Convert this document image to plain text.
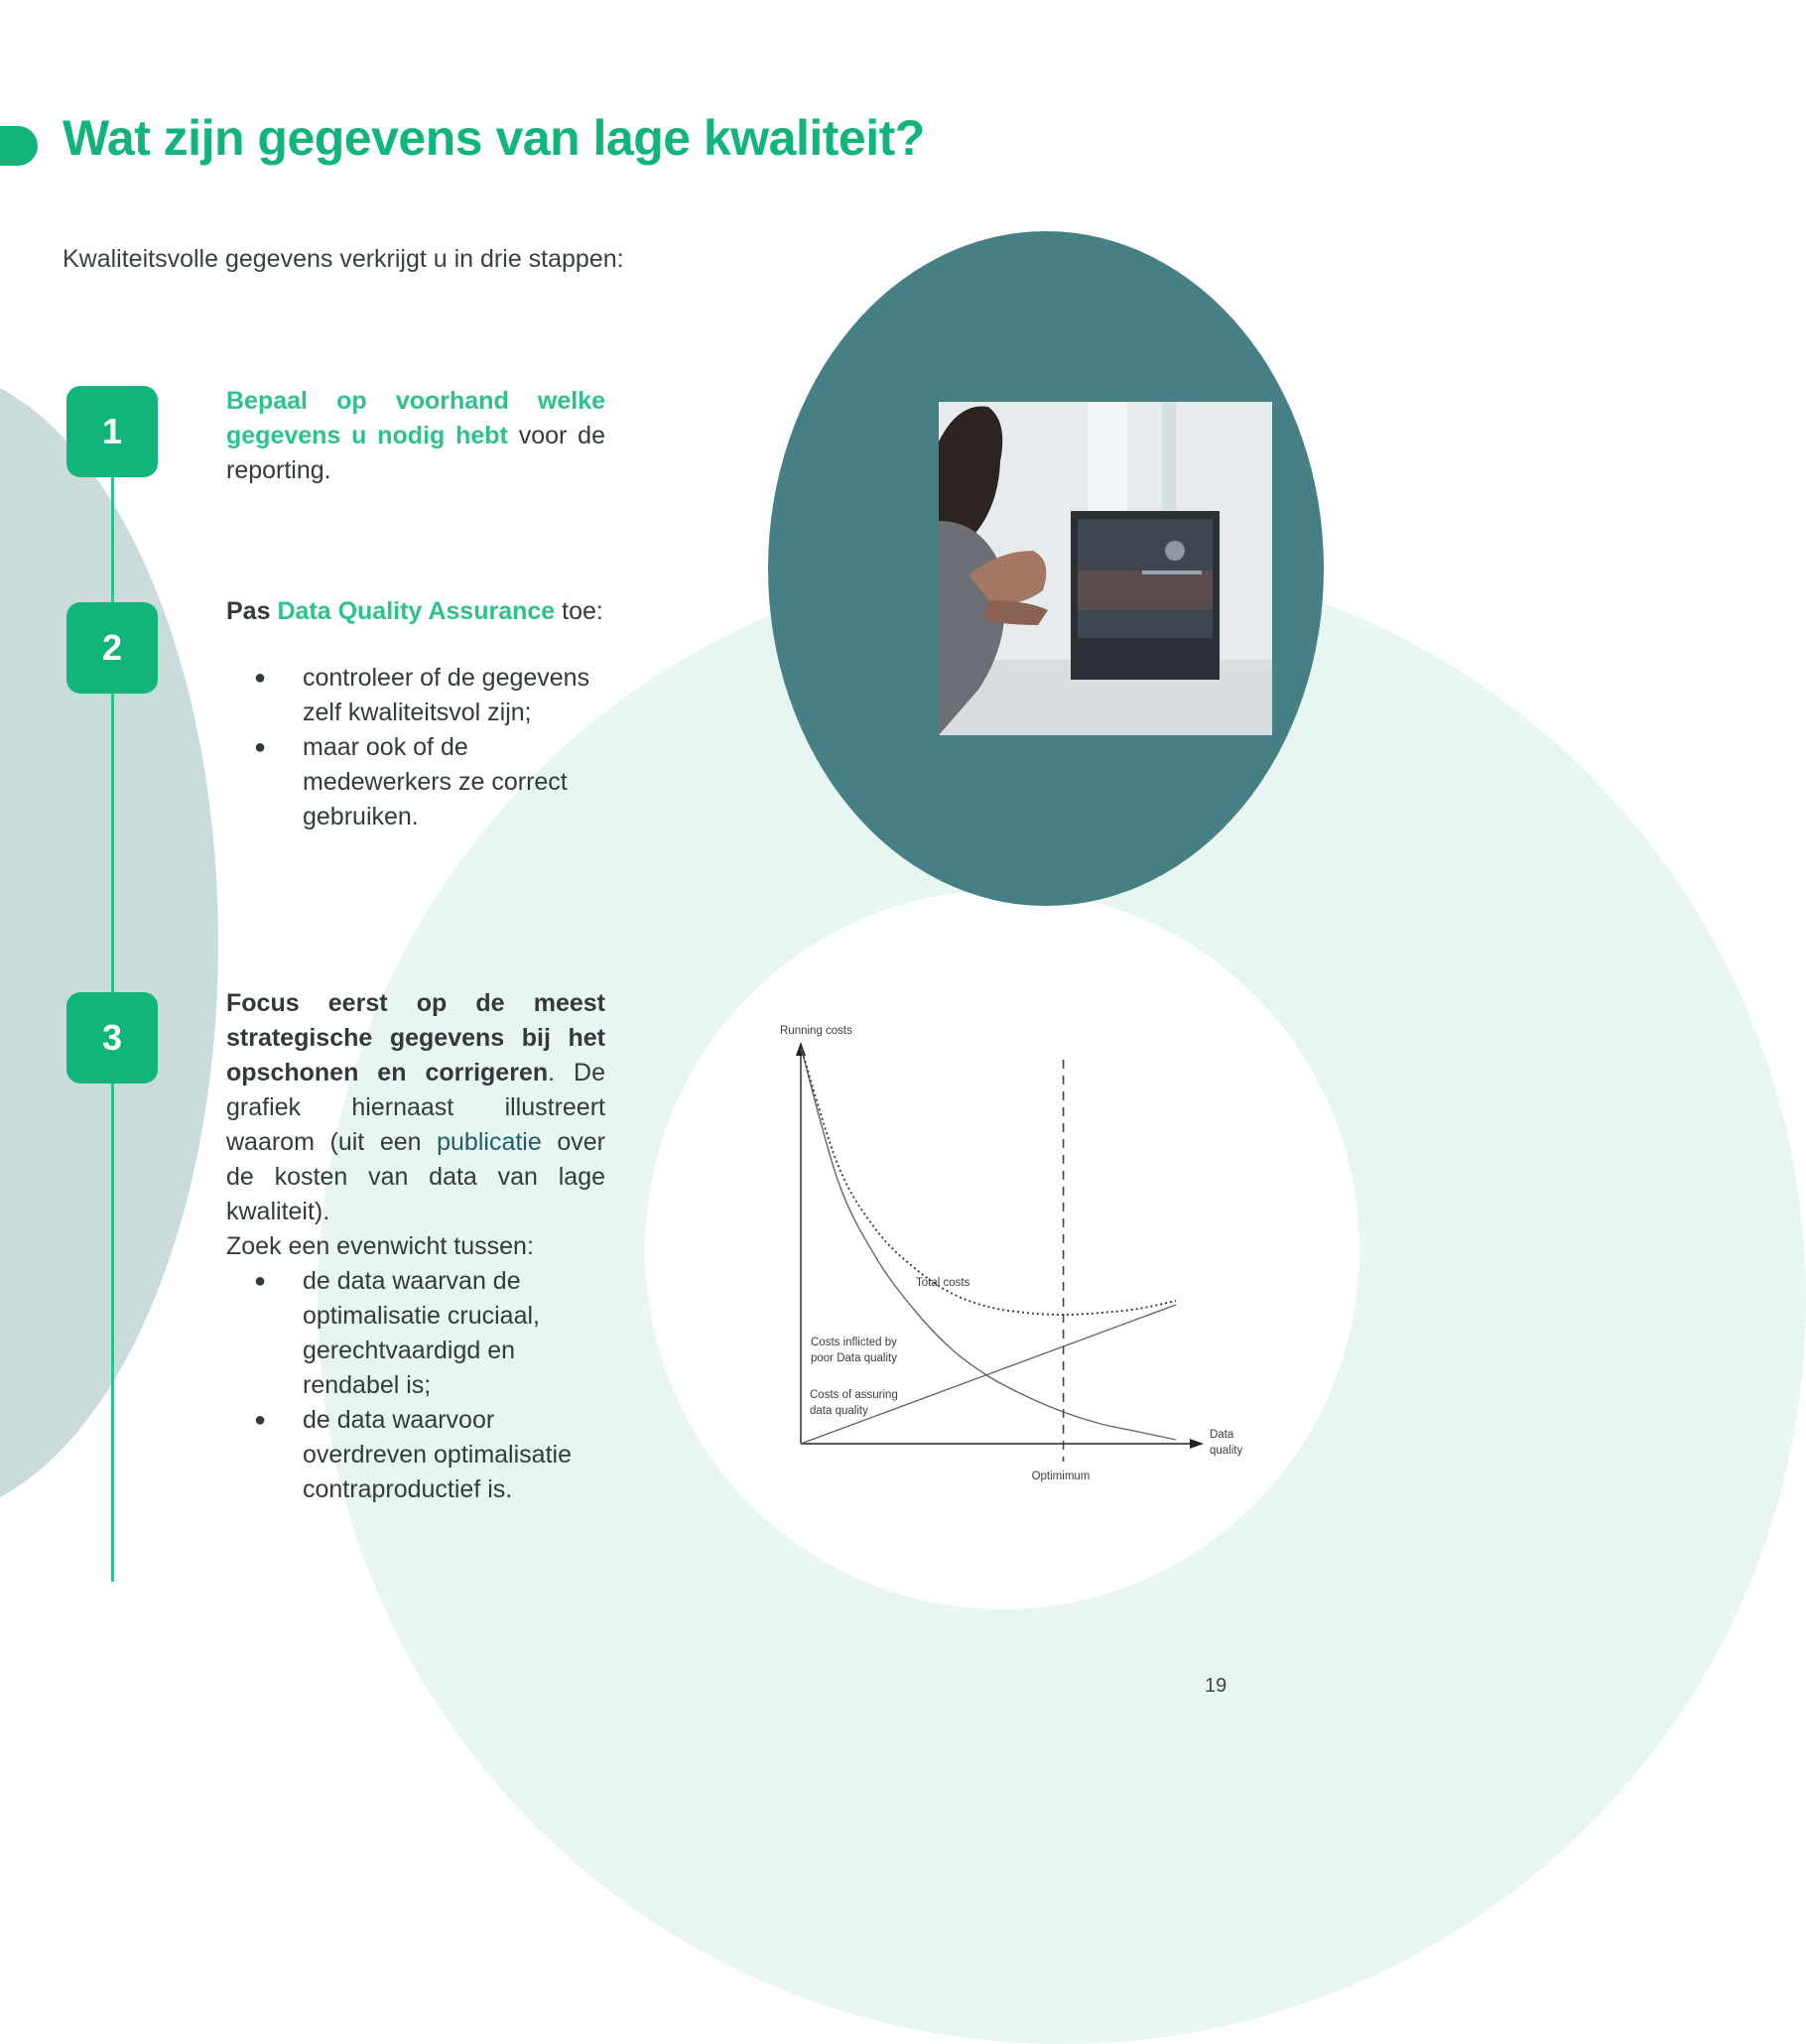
Wat zijn gegevens van lage kwaliteit?
Kwaliteitsvolle gegevens verkrijgt u in drie stappen:
1
2
3
Bepaal op voorhand welke gegevens u nodig hebt voor de reporting.
Pas Data Quality Assurance toe:
● controleer of de gegevens zelf kwaliteitsvol zijn;
● maar ook of de medewerkers ze correct gebruiken.
Focus eerst op de meest strategische gegevens bij het opschonen en corrigeren. De grafiek hiernaast illustreert waarom (uit een publicatie over de kosten van data van lage kwaliteit).
Zoek een evenwicht tussen:
● de data waarvan de optimalisatie cruciaal, gerechtvaardigd en rendabel is;
● de data waarvoor overdreven optimalisatie contraproductief is.
Running costs
Data quality
Optimimum
Costs inflicted by poor Data quality
Costs of assuring data quality
Total costs
19
